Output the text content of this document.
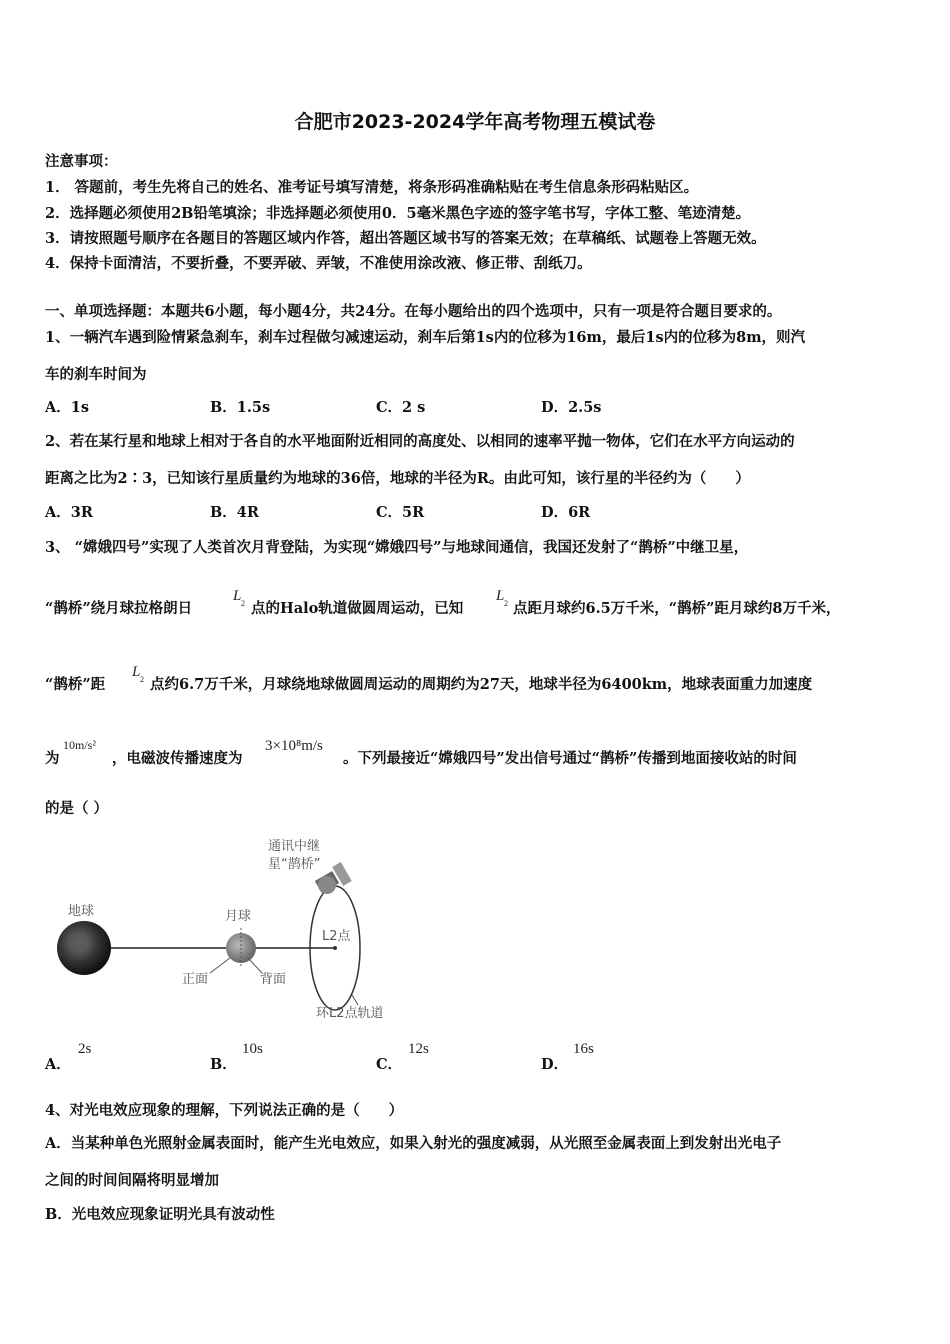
合肥市2023-2024学年高考物理五模试卷
注意事项：
1． 答题前，考生先将自己的姓名、准考证号填写清楚，将条形码准确粘贴在考生信息条形码粘贴区。
2．选择题必须使用2B铅笔填涂；非选择题必须使用0．5毫米黑色字迹的签字笔书写，字体工整、笔迹清楚。
3．请按照题号顺序在各题目的答题区域内作答，超出答题区域书写的答案无效；在草稿纸、试题卷上答题无效。
4．保持卡面清洁，不要折叠，不要弄破、弄皱，不准使用涂改液、修正带、刮纸刀。
一、单项选择题：本题共6小题，每小题4分，共24分。在每小题给出的四个选项中，只有一项是符合题目要求的。
1、一辆汽车遇到险情紧急刹车，刹车过程做匀减速运动，刹车后第1s内的位移为16m，最后1s内的位移为8m，则汽
车的刹车时间为
A．1s	B．1.5s	C．2 s	D．2.5s
2、若在某行星和地球上相对于各自的水平地面附近相同的高度处、以相同的速率平抛一物体，它们在水平方向运动的
距离之比为2∶3，已知该行星质量约为地球的36倍，地球的半径为R。由此可知，该行星的半径约为（　　）
A．3R	B．4R	C．5R	D．6R
3、 “嫦娥四号”实现了人类首次月背登陆，为实现“嫦娥四号”与地球间通信，我国还发射了“鹊桥”中继卫星，
“鹊桥”绕月球拉格朗日
L 2 点的Halo轨道做圆周运动，已知
L 2 点距月球约6.5万千米，“鹊桥”距月球约8万千米，
“鹊桥”距
L 2 点约6.7万千米，月球绕地球做圆周运动的周期约为27天，地球半径为6400km，地球表面重力加速度
为
10m/s²
，电磁波传播速度为
3×10⁸m/s
。下列最接近“嫦娥四号”发出信号通过“鹊桥”传播到地面接收站的时间
的是（ ）
地球	月球
正面	背面
L2点
通讯中继
星“鹊桥”
环L2点轨道
A．
2s
B．
10s
C．
12s
D．
16s
4、对光电效应现象的理解，下列说法正确的是（　　）
A．当某种单色光照射金属表面时，能产生光电效应，如果入射光的强度减弱，从光照至金属表面上到发射出光电子
之间的时间间隔将明显增加
B．光电效应现象证明光具有波动性
